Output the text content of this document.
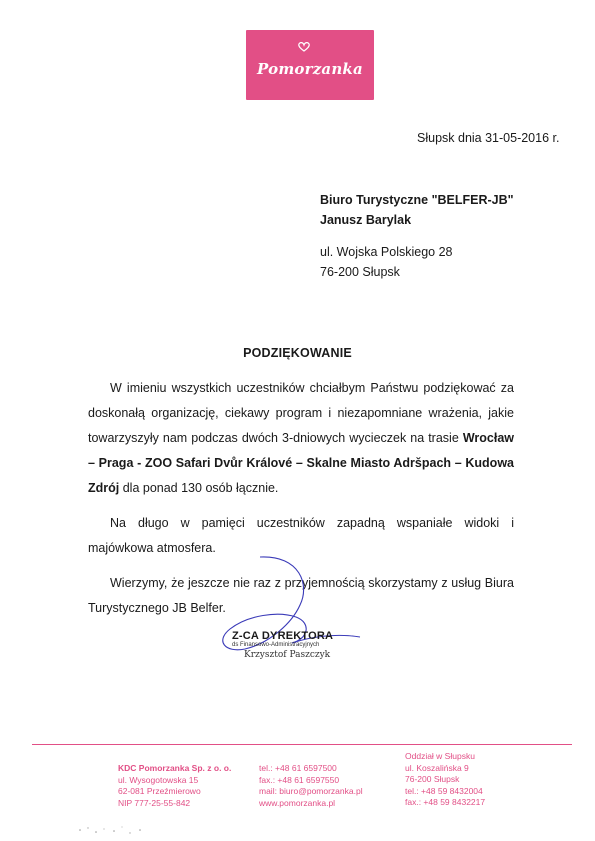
Pomorzanka
Słupsk dnia 31-05-2016 r.
Biuro Turystyczne "BELFER-JB"
Janusz Barylak
ul. Wojska Polskiego 28
76-200 Słupsk
PODZIĘKOWANIE

W imieniu wszystkich uczestników chciałbym Państwu podziękować za doskonałą organizację, ciekawy program i niezapomniane wrażenia, jakie towarzyszyły nam podczas dwóch 3-dniowych wycieczek na trasie Wrocław – Praga - ZOO Safari Dvůr Králové – Skalne Miasto Adršpach – Kudowa Zdrój dla ponad 130 osób łącznie.

Na długo w pamięci uczestników zapadną wspaniałe widoki i majówkowa atmosfera.

Wierzymy, że jeszcze nie raz z przyjemnością skorzystamy z usług Biura Turystycznego JB Belfer.

Z-CA DYREKTORA
ds Finansowo-Administracyjnych
Krzysztof Paszczyk
KDC Pomorzanka Sp. z o. o.
ul. Wysogotowska 15
62-081 Przeźmierowo
NIP 777-25-55-842
tel.: +48 61 6597500
fax.: +48 61 6597550
mail: biuro@pomorzanka.pl
www.pomorzanka.pl
Oddział w Słupsku
ul. Koszalińska 9
76-200 Słupsk
tel.: +48 59 8432004
fax.: +48 59 8432217
